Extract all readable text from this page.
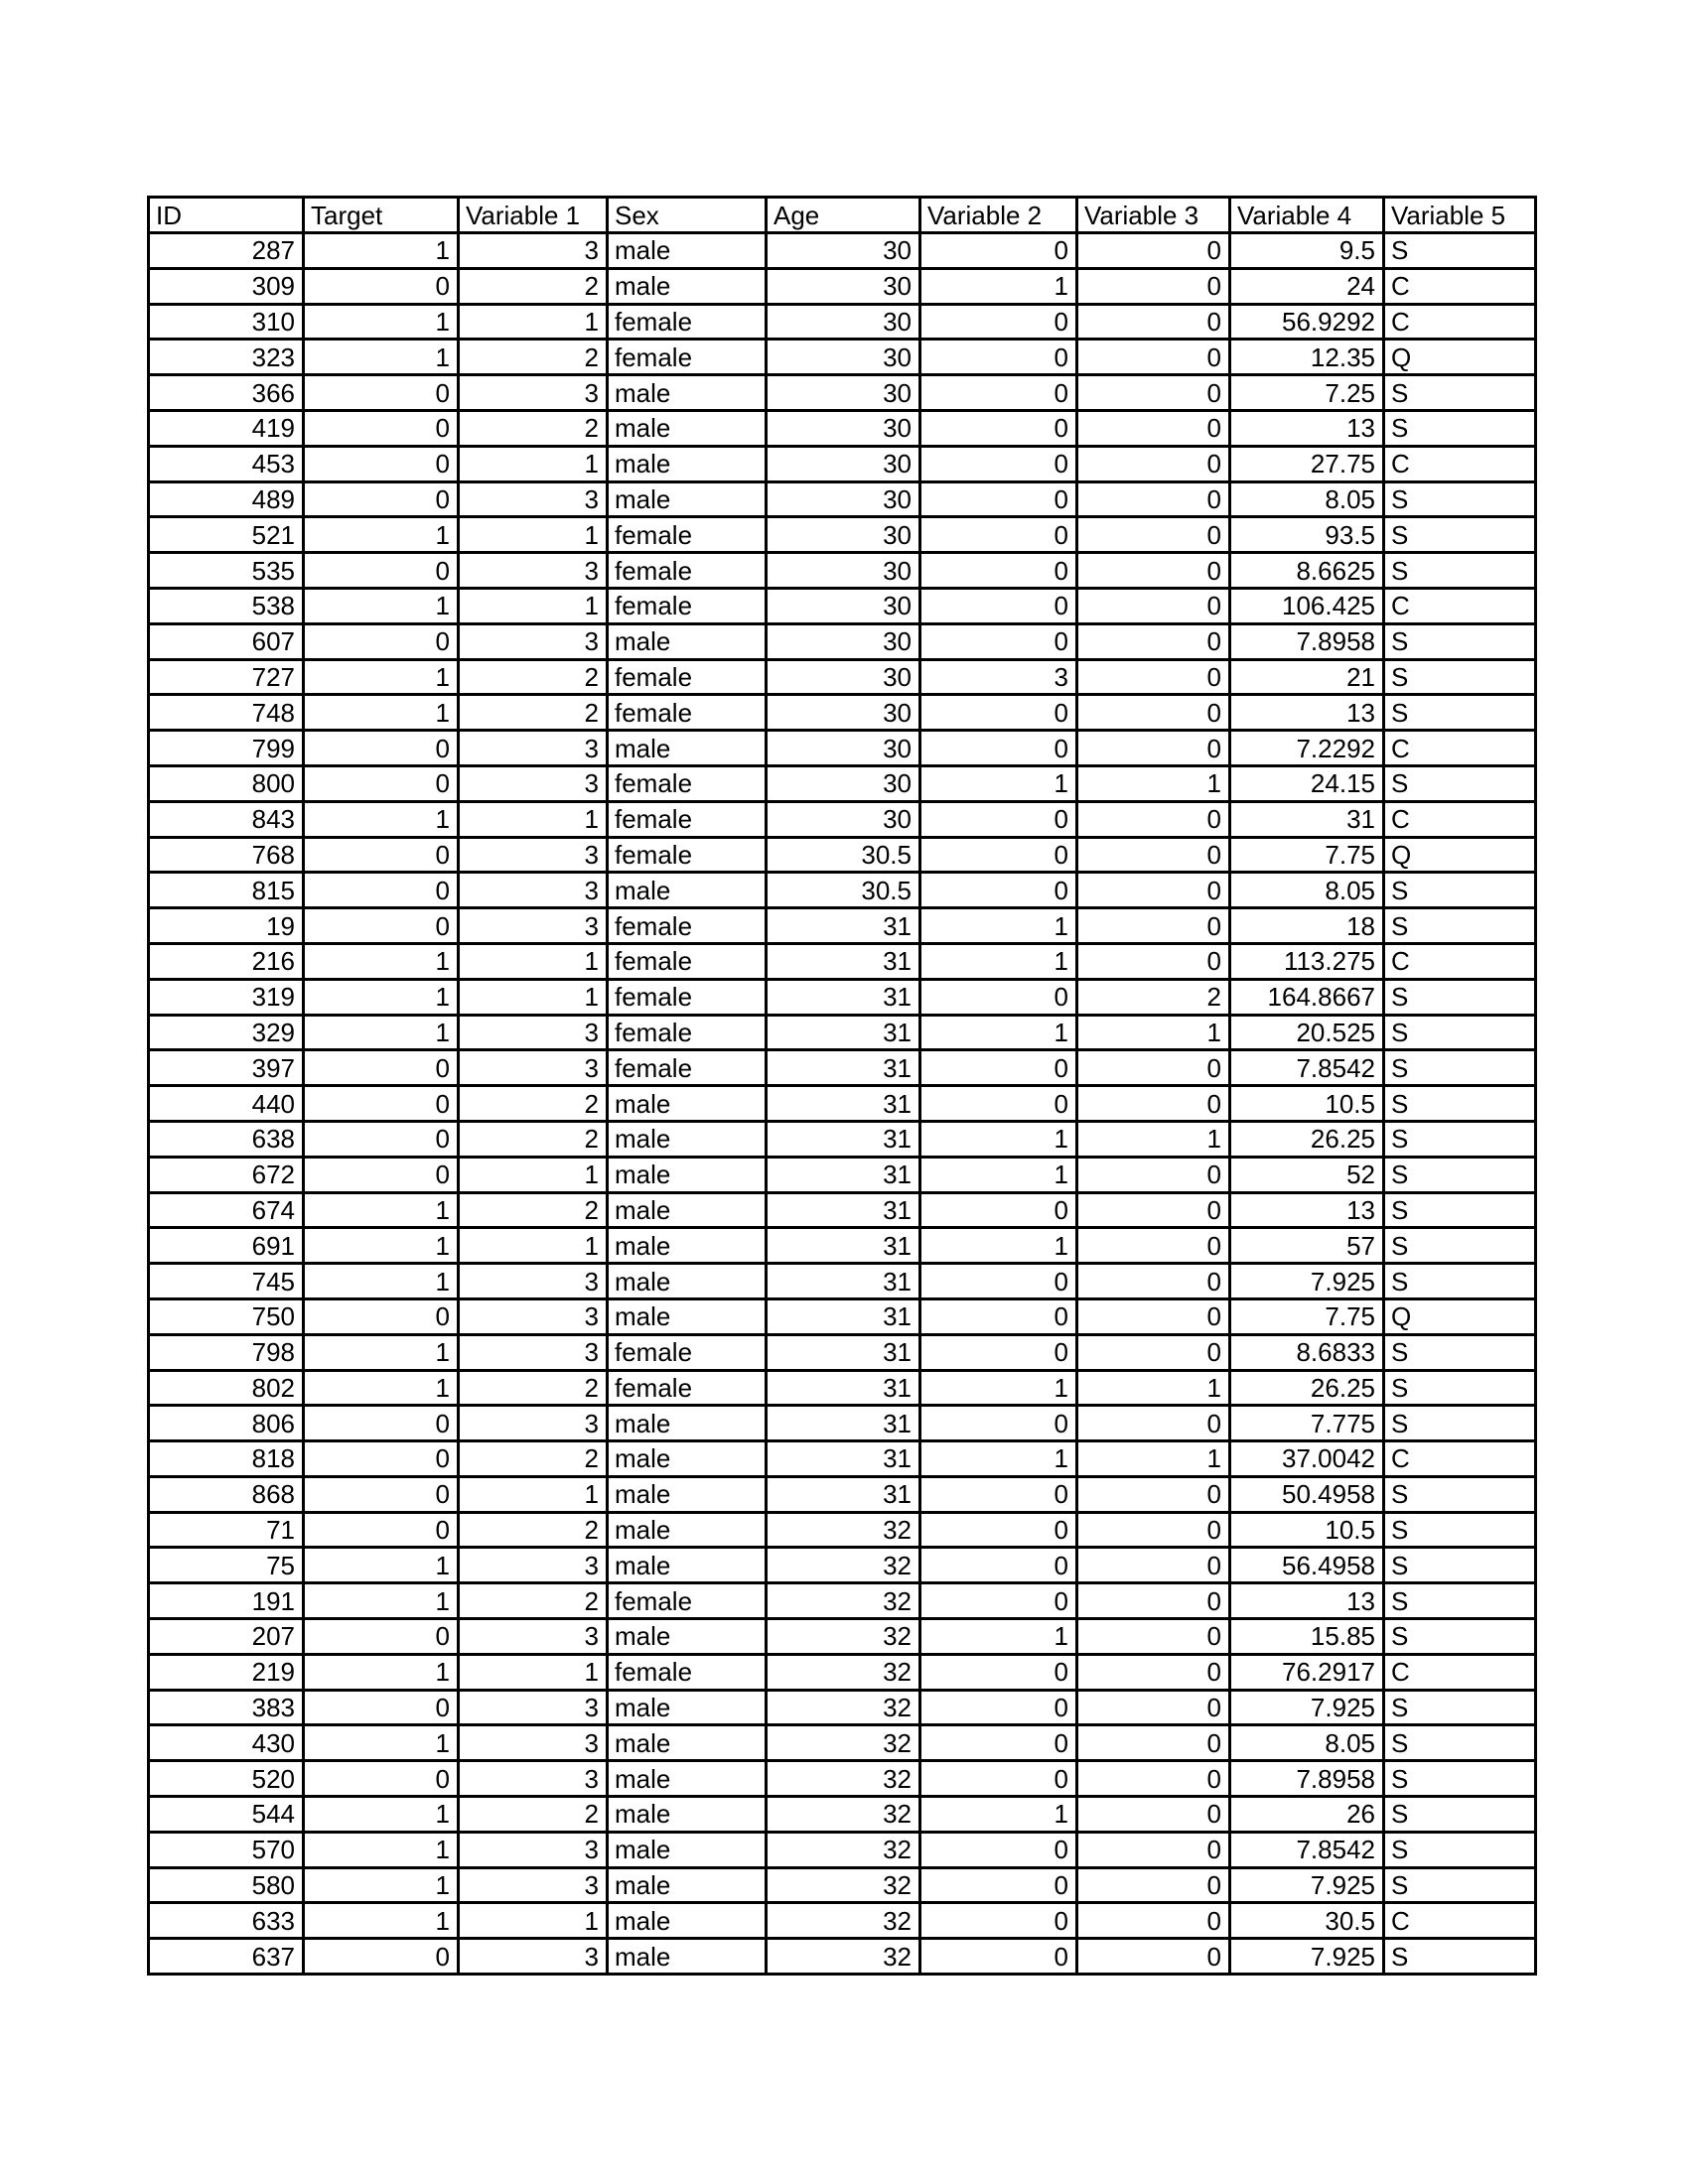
ID	Target	Variable 1	Sex	Age	Variable 2	Variable 3	Variable 4	Variable 5
287	1	3	male	30	0	0	9.5	S
309	0	2	male	30	1	0	24	C
310	1	1	female	30	0	0	56.9292	C
323	1	2	female	30	0	0	12.35	Q
366	0	3	male	30	0	0	7.25	S
419	0	2	male	30	0	0	13	S
453	0	1	male	30	0	0	27.75	C
489	0	3	male	30	0	0	8.05	S
521	1	1	female	30	0	0	93.5	S
535	0	3	female	30	0	0	8.6625	S
538	1	1	female	30	0	0	106.425	C
607	0	3	male	30	0	0	7.8958	S
727	1	2	female	30	3	0	21	S
748	1	2	female	30	0	0	13	S
799	0	3	male	30	0	0	7.2292	C
800	0	3	female	30	1	1	24.15	S
843	1	1	female	30	0	0	31	C
768	0	3	female	30.5	0	0	7.75	Q
815	0	3	male	30.5	0	0	8.05	S
19	0	3	female	31	1	0	18	S
216	1	1	female	31	1	0	113.275	C
319	1	1	female	31	0	2	164.8667	S
329	1	3	female	31	1	1	20.525	S
397	0	3	female	31	0	0	7.8542	S
440	0	2	male	31	0	0	10.5	S
638	0	2	male	31	1	1	26.25	S
672	0	1	male	31	1	0	52	S
674	1	2	male	31	0	0	13	S
691	1	1	male	31	1	0	57	S
745	1	3	male	31	0	0	7.925	S
750	0	3	male	31	0	0	7.75	Q
798	1	3	female	31	0	0	8.6833	S
802	1	2	female	31	1	1	26.25	S
806	0	3	male	31	0	0	7.775	S
818	0	2	male	31	1	1	37.0042	C
868	0	1	male	31	0	0	50.4958	S
71	0	2	male	32	0	0	10.5	S
75	1	3	male	32	0	0	56.4958	S
191	1	2	female	32	0	0	13	S
207	0	3	male	32	1	0	15.85	S
219	1	1	female	32	0	0	76.2917	C
383	0	3	male	32	0	0	7.925	S
430	1	3	male	32	0	0	8.05	S
520	0	3	male	32	0	0	7.8958	S
544	1	2	male	32	1	0	26	S
570	1	3	male	32	0	0	7.8542	S
580	1	3	male	32	0	0	7.925	S
633	1	1	male	32	0	0	30.5	C
637	0	3	male	32	0	0	7.925	S
